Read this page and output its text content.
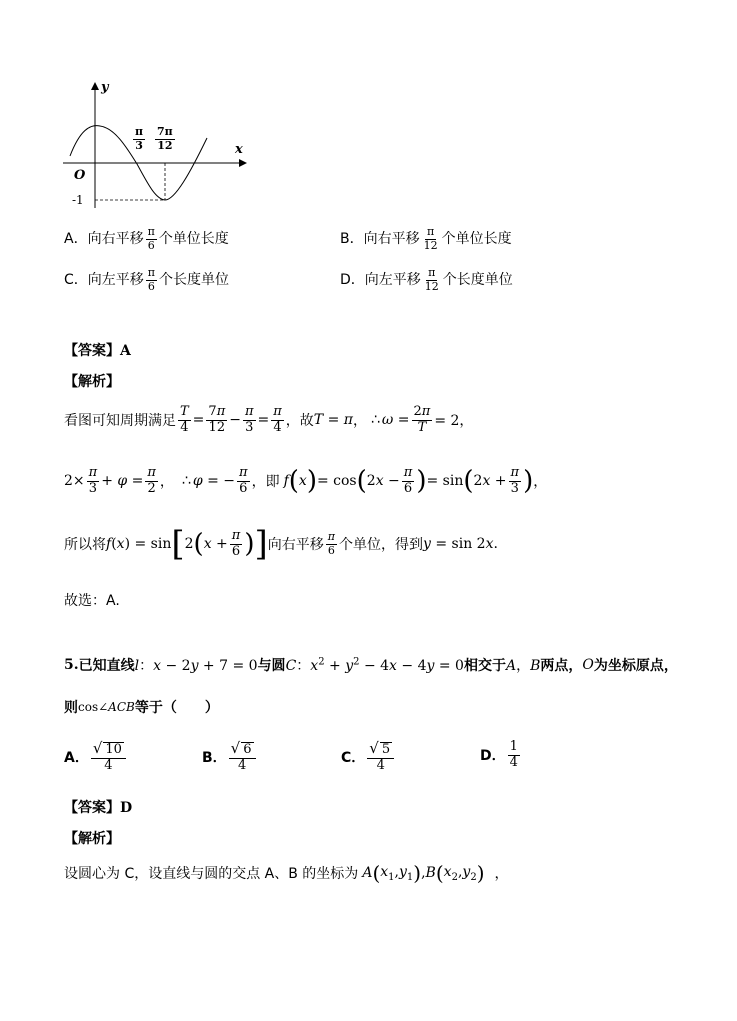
y
x
O
-1
$\frac{\pi}{3} \frac{7\pi}{12}$
A．向右平移 $\frac{\pi}{6}$ 个单位长度	B．向右平移 $\frac{\pi}{12}$ 个单位长度
C．向左平移 $\frac{\pi}{6}$ 个长度单位	D．向左平移 $\frac{\pi}{12}$ 个长度单位
【答案】A
【解析】
看图可知周期满足 $\frac{T}{4} = \frac{7\pi}{12} - \frac{\pi}{3} = \frac{\pi}{4}$ ，故 T = π ， ∴ $\omega = \frac{2\pi}{T} = 2$，
$2\times \frac{\pi}{3} + \varphi = \frac{\pi}{2}$ ， ∴ φ = − $\frac{\pi}{6}$ ，即 f ( x ) = cos ( $2x - \frac{\pi}{6}$ ) = sin ( $2x + \frac{\pi}{3}$ ) ，
所以将 f(x) = sin [ 2 ( $x + \frac{\pi}{6}$ ) ] 向右平移 $\frac{\pi}{6}$ 个单位，得到 y = sin 2x.
故选：A.
5. 已知直线 l：x − 2y + 7 = 0 与圆 C：$x^2 + y^2 - 4x - 4y = 0$ 相交于 A，B 两点， O 为坐标原点，
则 cos∠ACB 等于（　　）
A． $\frac{√ 10}{4}$	B． $\frac{√ 6}{4}$	C． $\frac{√ 5}{4}$	D． $\frac{1}{4}$
【答案】D
【解析】
设圆心为 C，设直线与圆的交点 A、B 的坐标为 A ( $x_1,y_1$ ) ,B ( $x_2,y_2$ ) ，
